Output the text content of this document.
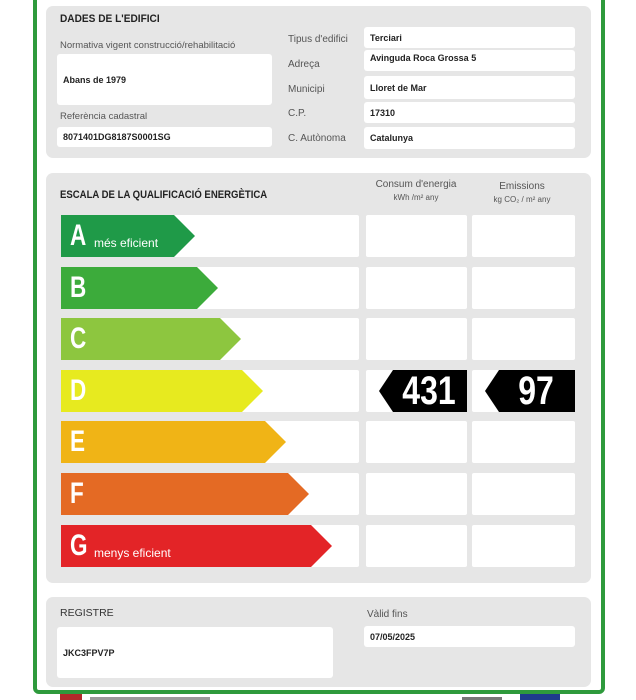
DADES DE L'EDIFICI
Normativa vigent construcció/rehabilitació
Abans de 1979
Referència cadastral
8071401DG8187S0001SG
Tipus d'edifici	Terciari
Adreça
Avinguda Roca Grossa 5
Municipi	Lloret de Mar
C.P.	17310
C. Autònoma	Catalunya
ESCALA DE LA QUALIFICACIÓ ENERGÈTICA
Consum d'energia
kWh /m² any
Emissions
kg CO₂ / m² any
A més eficient
B
C
D	431	97
E
F
G menys eficient
REGISTRE
JKC3FPV7P
Vàlid fins
07/05/2025
